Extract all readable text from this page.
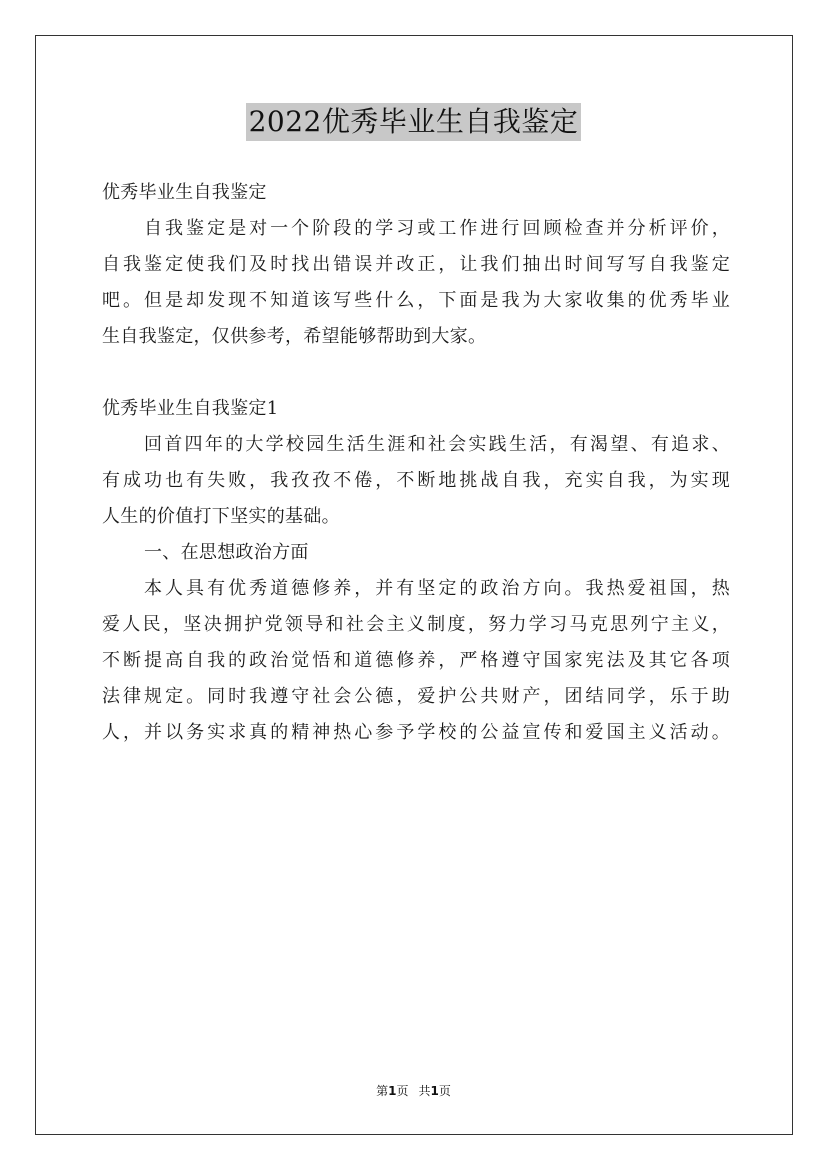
2022优秀毕业生自我鉴定

优秀毕业生自我鉴定

自我鉴定是对一个阶段的学习或工作进行回顾检查并分析评价，

自我鉴定使我们及时找出错误并改正，让我们抽出时间写写自我鉴定

吧。但是却发现不知道该写些什么，下面是我为大家收集的优秀毕业

生自我鉴定，仅供参考，希望能够帮助到大家。

优秀毕业生自我鉴定1

回首四年的大学校园生活生涯和社会实践生活，有渴望、有追求、

有成功也有失败，我孜孜不倦，不断地挑战自我，充实自我，为实现

人生的价值打下坚实的基础。

一、在思想政治方面

本人具有优秀道德修养，并有坚定的政治方向。我热爱祖国，热

爱人民，坚决拥护党领导和社会主义制度，努力学习马克思列宁主义，

不断提高自我的政治觉悟和道德修养，严格遵守国家宪法及其它各项

法律规定。同时我遵守社会公德，爱护公共财产，团结同学，乐于助

人，并以务实求真的精神热心参予学校的公益宣传和爱国主义活动。

第1页 共1页
